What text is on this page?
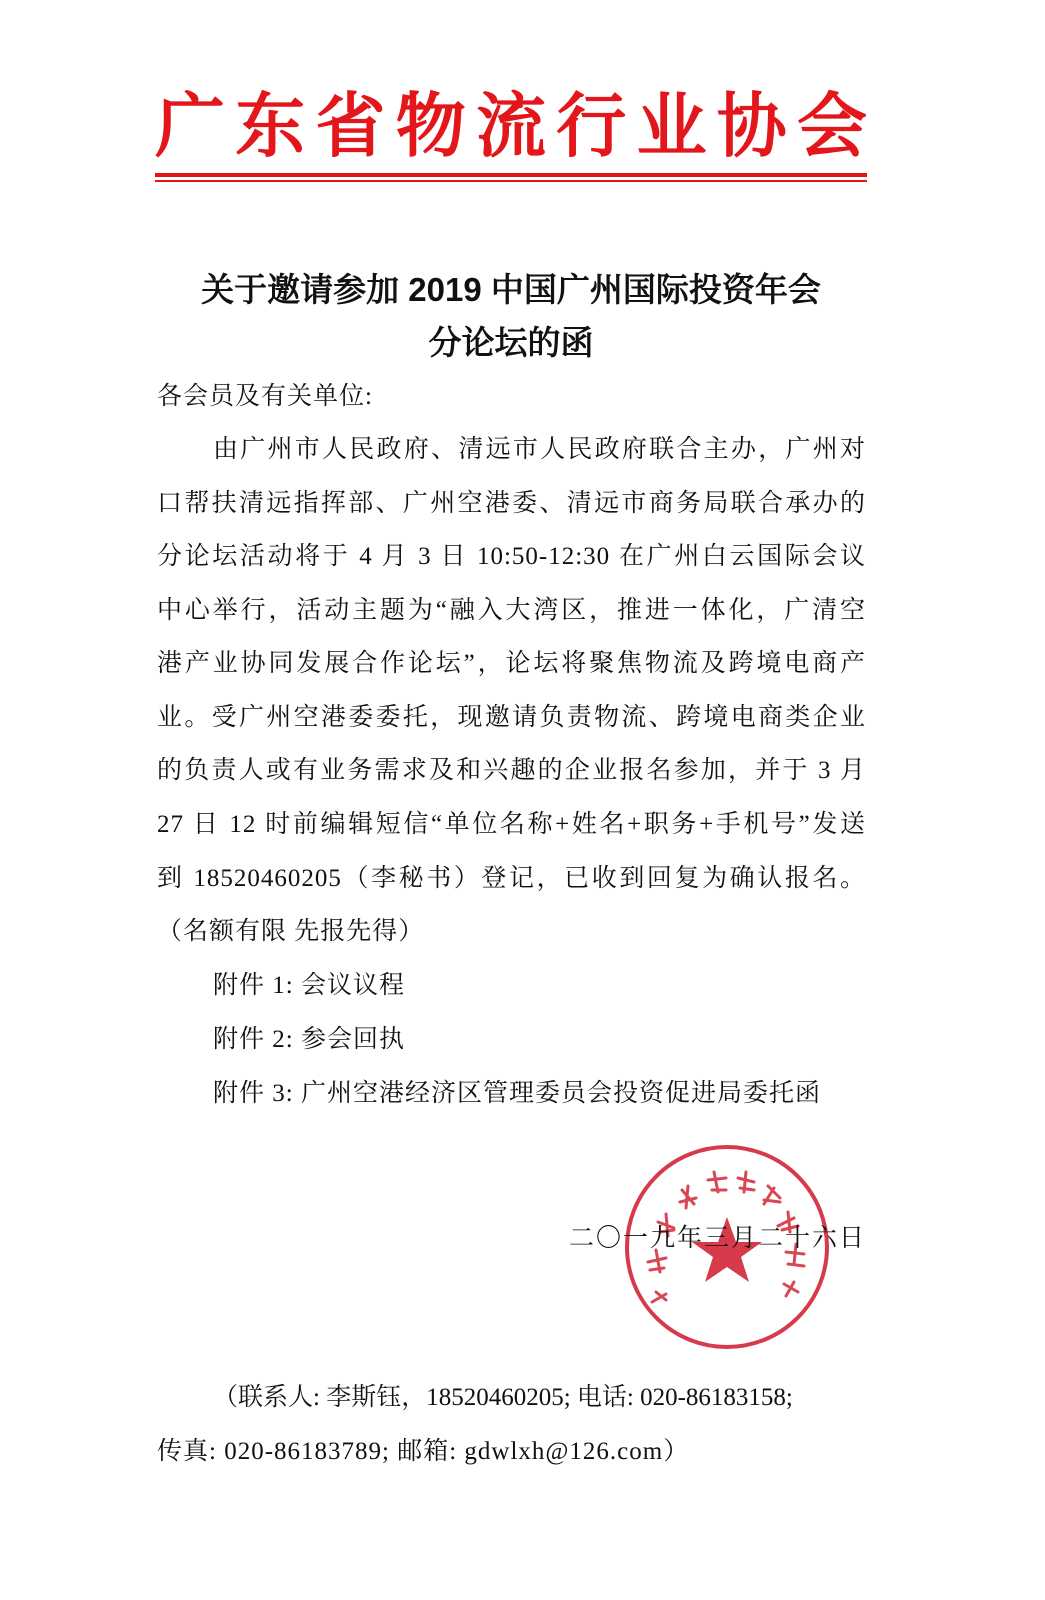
广东省物流行业协会
关于邀请参加 2019 中国广州国际投资年会
分论坛的函
各会员及有关单位:
由广州市人民政府、清远市人民政府联合主办，广州对
口帮扶清远指挥部、广州空港委、清远市商务局联合承办的
分论坛活动将于 4 月 3 日 10:50-12:30 在广州白云国际会议
中心举行，活动主题为“融入大湾区，推进一体化，广清空
港产业协同发展合作论坛”，论坛将聚焦物流及跨境电商产
业。受广州空港委委托，现邀请负责物流、跨境电商类企业
的负责人或有业务需求及和兴趣的企业报名参加，并于 3 月
27 日 12 时前编辑短信“单位名称+姓名+职务+手机号”发送
到 18520460205（李秘书）登记，已收到回复为确认报名。
（名额有限 先报先得）
附件 1: 会议议程
附件 2: 参会回执
附件 3: 广州空港经济区管理委员会投资促进局委托函
二〇一九年三月二十六日
（联系人: 李斯钰，18520460205; 电话: 020-86183158;
传真: 020-86183789; 邮箱: gdwlxh@126.com）
